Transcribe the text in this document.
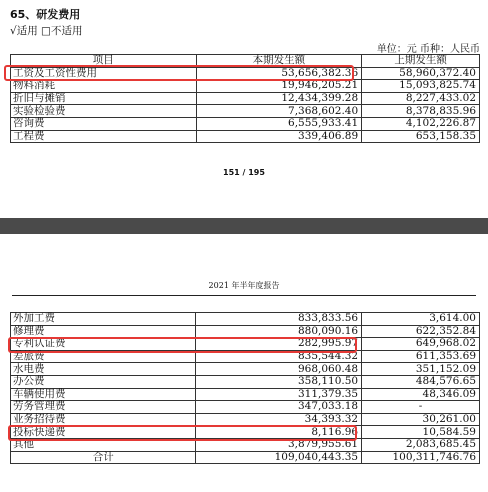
65、研发费用
√适用 □不适用
单位：元 币种：人民币
项目	本期发生额	上期发生额
工资及工资性费用	53,656,382.36	58,960,372.40
物料消耗	19,946,205.21	15,093,825.74
折旧与摊销	12,434,399.28	8,227,433.02
实验检验费	7,368,602.40	8,378,835.96
咨询费	6,555,933.41	4,102,226.87
工程费	339,406.89	653,158.35
151 / 195
2021 年半年度报告
外加工费	833,833.56	3,614.00
修理费	880,090.16	622,352.84
专利认证费	282,995.97	649,968.02
差旅费	835,544.32	611,353.69
水电费	968,060.48	351,152.09
办公费	358,110.50	484,576.65
车辆使用费	311,379.35	48,346.09
劳务管理费	347,033.18	-
业务招待费	34,393.32	30,261.00
投标快递费	8,116.96	10,584.59
其他	3,879,955.61	2,083,685.45
合计	109,040,443.35	100,311,746.76
